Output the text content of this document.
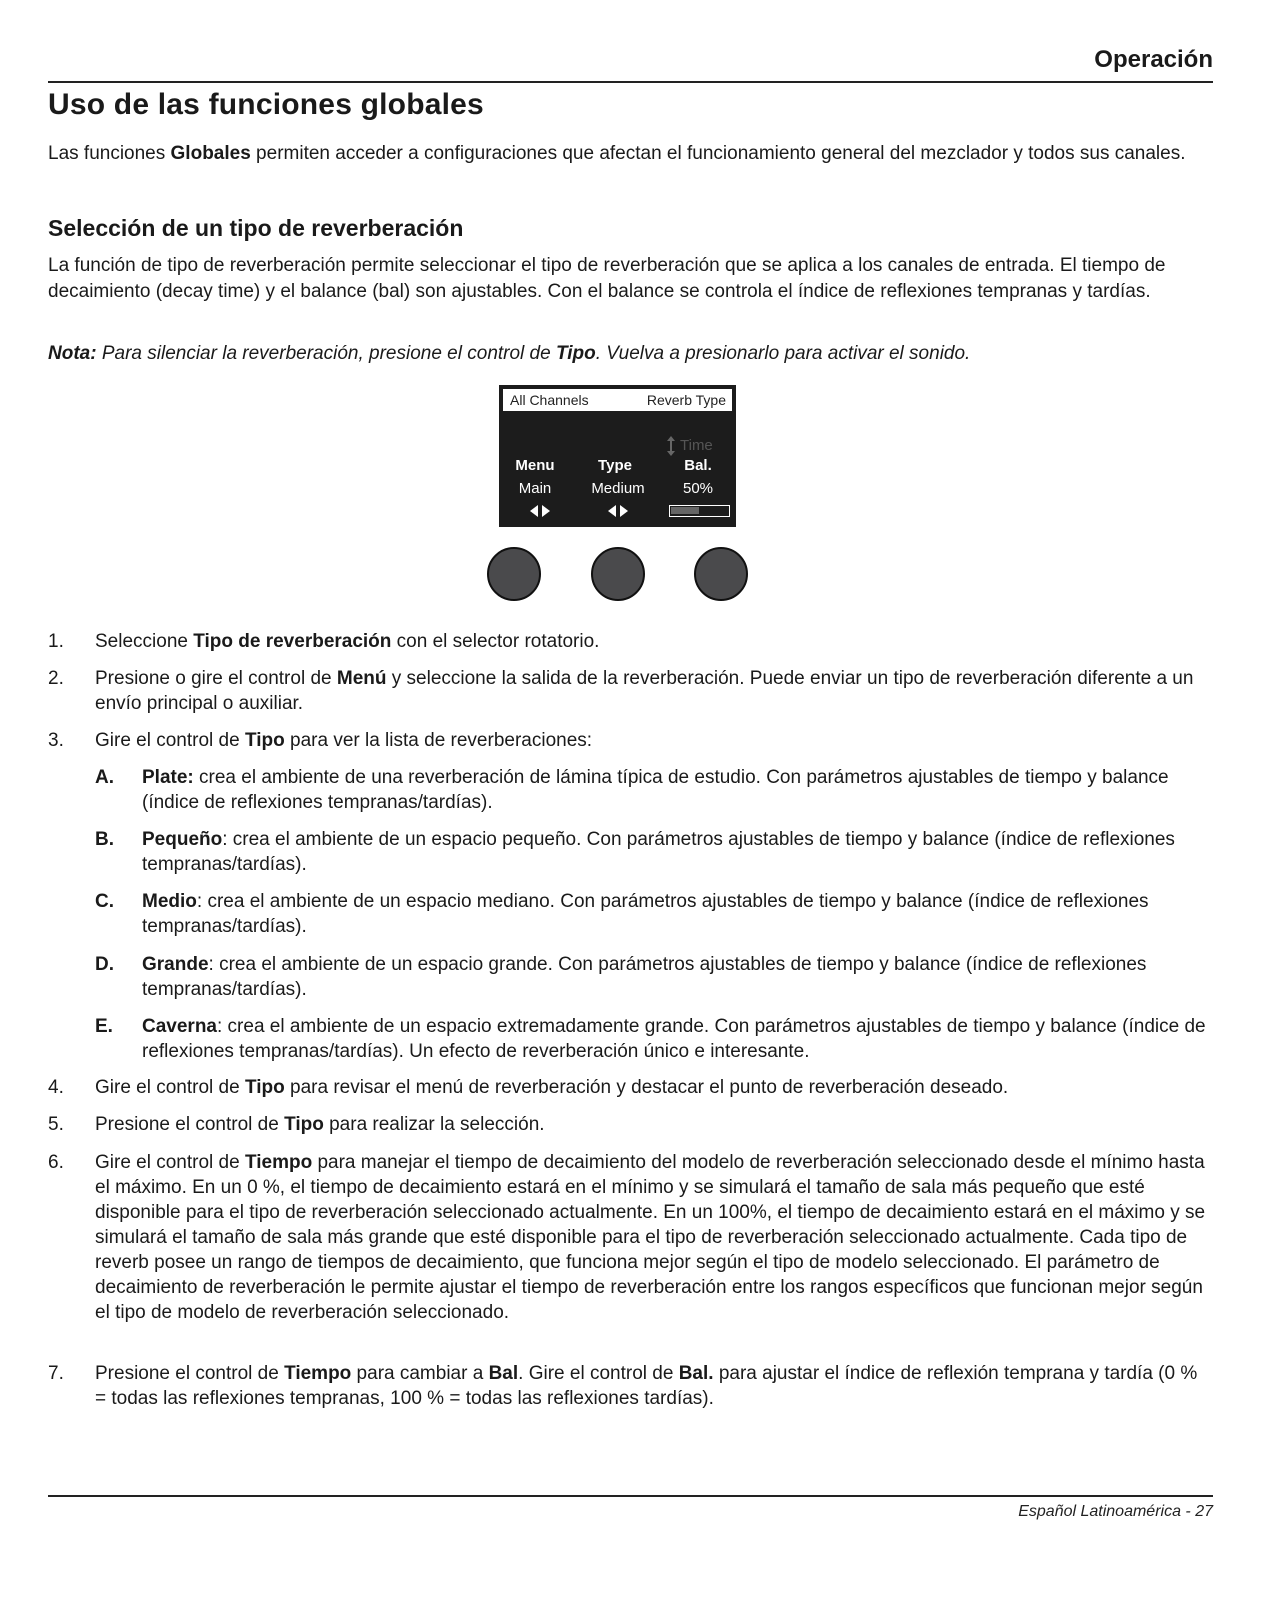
Operación
Uso de las funciones globales

Las funciones Globales permiten acceder a configuraciones que afectan el funcionamiento general del mezclador y todos sus canales.

Selección de un tipo de reverberación

La función de tipo de reverberación permite seleccionar el tipo de reverberación que se aplica a los canales de entrada. El tiempo de decaimiento (decay time) y el balance (bal) son ajustables. Con el balance se controla el índice de reflexiones tempranas y tardías.

Nota: Para silenciar la reverberación, presione el control de Tipo. Vuelva a presionarlo para activar el sonido.

All Channels	Reverb Type
Time
Menu	Type	Bal.
Main	Medium	50%
1. Seleccione Tipo de reverberación con el selector rotatorio.
2. Presione o gire el control de Menú y seleccione la salida de la reverberación. Puede enviar un tipo de reverberación diferente a un envío principal o auxiliar.
3. Gire el control de Tipo para ver la lista de reverberaciones:
A. Plate: crea el ambiente de una reverberación de lámina típica de estudio. Con parámetros ajustables de tiempo y balance (índice de reflexiones tempranas/tardías).
B. Pequeño: crea el ambiente de un espacio pequeño. Con parámetros ajustables de tiempo y balance (índice de reflexiones tempranas/tardías).
C. Medio: crea el ambiente de un espacio mediano. Con parámetros ajustables de tiempo y balance (índice de reflexiones tempranas/tardías).
D. Grande: crea el ambiente de un espacio grande. Con parámetros ajustables de tiempo y balance (índice de reflexiones tempranas/tardías).
E. Caverna: crea el ambiente de un espacio extremadamente grande. Con parámetros ajustables de tiempo y balance (índice de reflexiones tempranas/tardías). Un efecto de reverberación único e interesante.
4. Gire el control de Tipo para revisar el menú de reverberación y destacar el punto de reverberación deseado.
5. Presione el control de Tipo para realizar la selección.
6. Gire el control de Tiempo para manejar el tiempo de decaimiento del modelo de reverberación seleccionado desde el mínimo hasta el máximo. En un 0 %, el tiempo de decaimiento estará en el mínimo y se simulará el tamaño de sala más pequeño que esté disponible para el tipo de reverberación seleccionado actualmente. En un 100%, el tiempo de decaimiento estará en el máximo y se simulará el tamaño de sala más grande que esté disponible para el tipo de reverberación seleccionado actualmente. Cada tipo de reverb posee un rango de tiempos de decaimiento, que funciona mejor según el tipo de modelo seleccionado. El parámetro de decaimiento de reverberación le permite ajustar el tiempo de reverberación entre los rangos específicos que funcionan mejor según el tipo de modelo de reverberación seleccionado.
7. Presione el control de Tiempo para cambiar a Bal. Gire el control de Bal. para ajustar el índice de reflexión temprana y tardía (0 % = todas las reflexiones tempranas, 100 % = todas las reflexiones tardías).
Español Latinoamérica - 27
